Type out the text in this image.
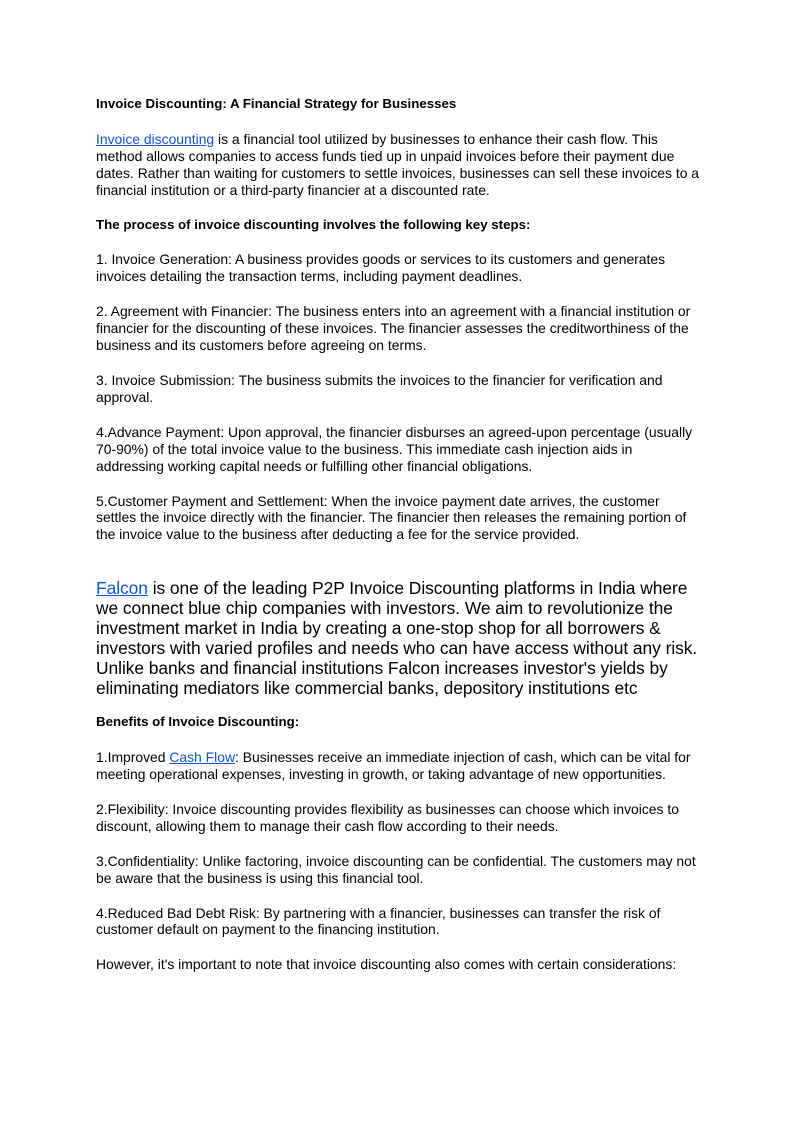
Invoice Discounting: A Financial Strategy for Businesses

Invoice discounting is a financial tool utilized by businesses to enhance their cash flow. This method allows companies to access funds tied up in unpaid invoices before their payment due dates. Rather than waiting for customers to settle invoices, businesses can sell these invoices to a financial institution or a third-party financier at a discounted rate.

The process of invoice discounting involves the following key steps:

1. Invoice Generation: A business provides goods or services to its customers and generates invoices detailing the transaction terms, including payment deadlines.

2. Agreement with Financier: The business enters into an agreement with a financial institution or financier for the discounting of these invoices. The financier assesses the creditworthiness of the business and its customers before agreeing on terms.

3. Invoice Submission: The business submits the invoices to the financier for verification and approval.

4.Advance Payment: Upon approval, the financier disburses an agreed-upon percentage (usually 70-90%) of the total invoice value to the business. This immediate cash injection aids in addressing working capital needs or fulfilling other financial obligations.

5.Customer Payment and Settlement: When the invoice payment date arrives, the customer settles the invoice directly with the financier. The financier then releases the remaining portion of the invoice value to the business after deducting a fee for the service provided.

Falcon is one of the leading P2P Invoice Discounting platforms in India where we connect blue chip companies with investors. We aim to revolutionize the investment market in India by creating a one-stop shop for all borrowers & investors with varied profiles and needs who can have access without any risk. Unlike banks and financial institutions Falcon increases investor's yields by eliminating mediators like commercial banks, depository institutions etc

Benefits of Invoice Discounting:

1.Improved Cash Flow: Businesses receive an immediate injection of cash, which can be vital for meeting operational expenses, investing in growth, or taking advantage of new opportunities.

2.Flexibility: Invoice discounting provides flexibility as businesses can choose which invoices to discount, allowing them to manage their cash flow according to their needs.

3.Confidentiality: Unlike factoring, invoice discounting can be confidential. The customers may not be aware that the business is using this financial tool.

4.Reduced Bad Debt Risk: By partnering with a financier, businesses can transfer the risk of customer default on payment to the financing institution.

However, it's important to note that invoice discounting also comes with certain considerations:
